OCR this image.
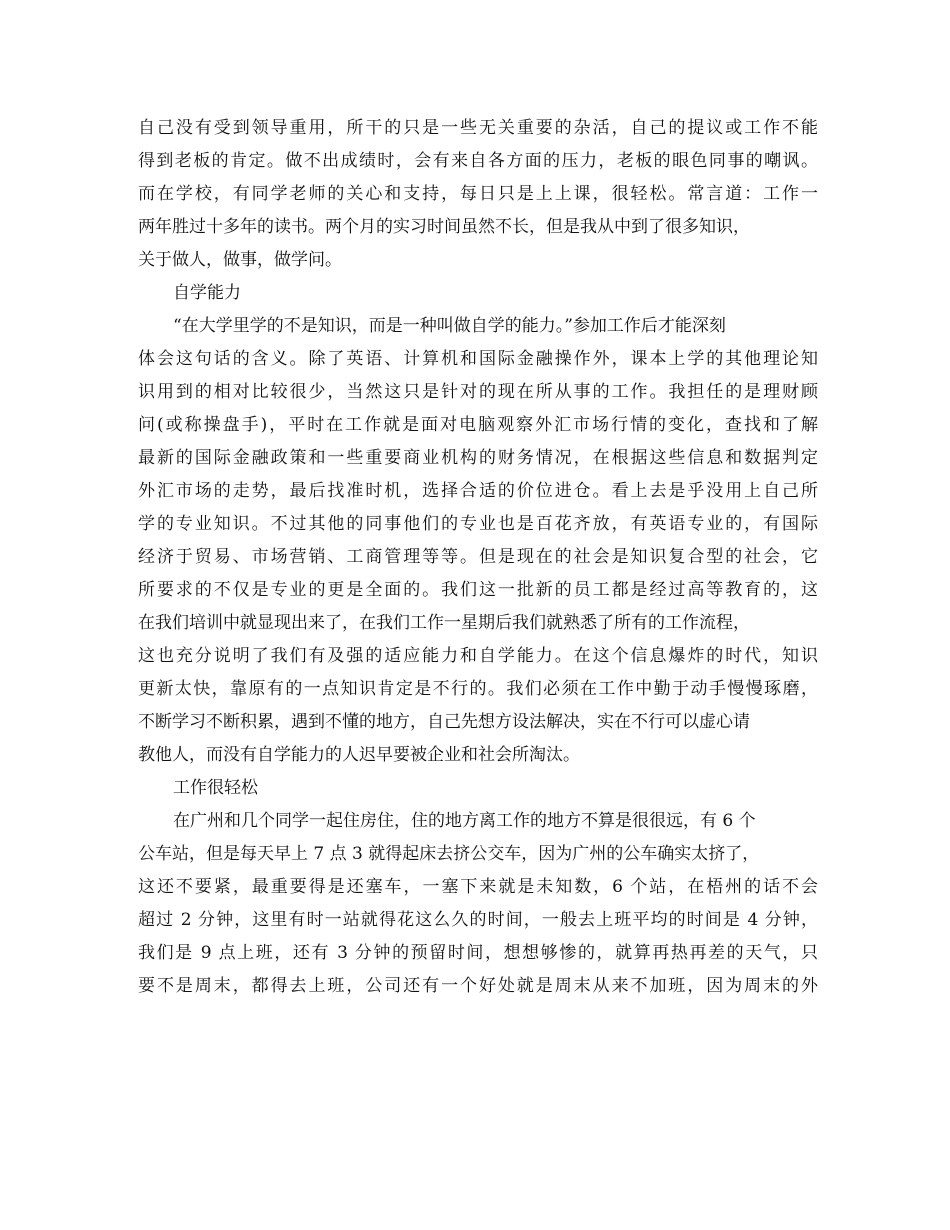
自己没有受到领导重用，所干的只是一些无关重要的杂活，自己的提议或工作不能
得到老板的肯定。做不出成绩时，会有来自各方面的压力，老板的眼色同事的嘲讽。
而在学校，有同学老师的关心和支持，每日只是上上课，很轻松。常言道：工作一
两年胜过十多年的读书。两个月的实习时间虽然不长，但是我从中到了很多知识，
关于做人，做事，做学问。
自学能力
“在大学里学的不是知识，而是一种叫做自学的能力。”参加工作后才能深刻
体会这句话的含义。除了英语、计算机和国际金融操作外，课本上学的其他理论知
识用到的相对比较很少，当然这只是针对的现在所从事的工作。我担任的是理财顾
问(或称操盘手)，平时在工作就是面对电脑观察外汇市场行情的变化，查找和了解
最新的国际金融政策和一些重要商业机构的财务情况，在根据这些信息和数据判定
外汇市场的走势，最后找准时机，选择合适的价位进仓。看上去是乎没用上自己所
学的专业知识。不过其他的同事他们的专业也是百花齐放，有英语专业的，有国际
经济于贸易、市场营销、工商管理等等。但是现在的社会是知识复合型的社会，它
所要求的不仅是专业的更是全面的。我们这一批新的员工都是经过高等教育的，这
在我们培训中就显现出来了，在我们工作一星期后我们就熟悉了所有的工作流程，
这也充分说明了我们有及强的适应能力和自学能力。在这个信息爆炸的时代，知识
更新太快，靠原有的一点知识肯定是不行的。我们必须在工作中勤于动手慢慢琢磨，
不断学习不断积累，遇到不懂的地方，自己先想方设法解决，实在不行可以虚心请
教他人，而没有自学能力的人迟早要被企业和社会所淘汰。
工作很轻松
在广州和几个同学一起住房住，住的地方离工作的地方不算是很很远，有 6 个
公车站，但是每天早上 7 点 3 就得起床去挤公交车，因为广州的公车确实太挤了，
这还不要紧，最重要得是还塞车，一塞下来就是未知数，6 个站，在梧州的话不会
超过 2 分钟，这里有时一站就得花这么久的时间，一般去上班平均的时间是 4 分钟，
我们是 9 点上班，还有 3 分钟的预留时间，想想够惨的，就算再热再差的天气，只
要不是周末，都得去上班，公司还有一个好处就是周末从来不加班，因为周末的外
